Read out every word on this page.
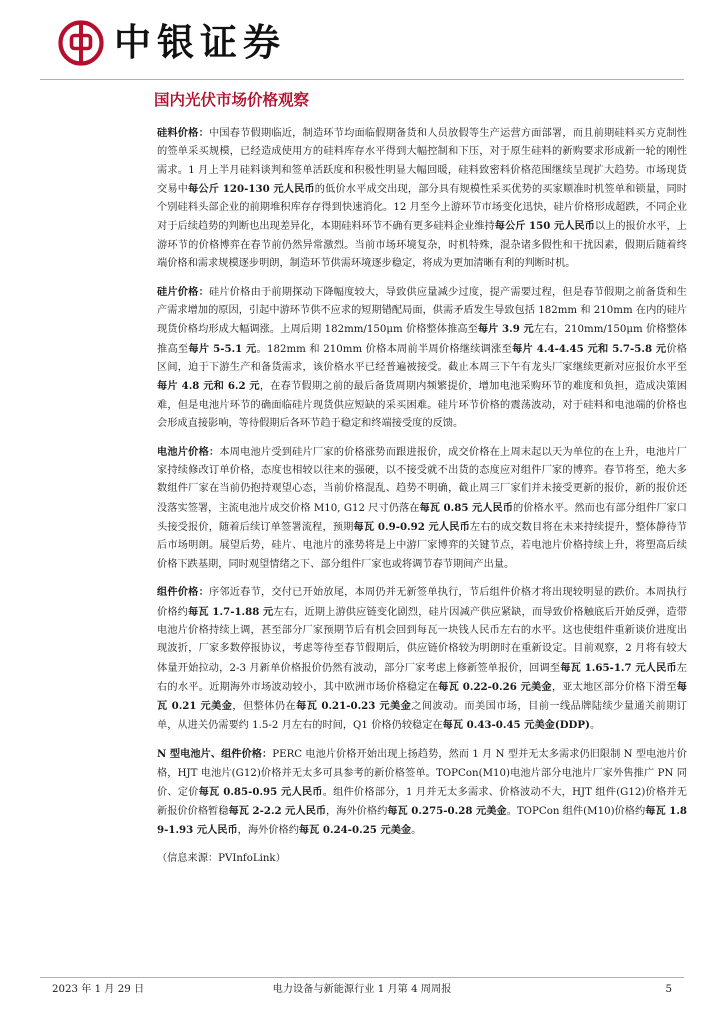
中银证券
国内光伏市场价格观察

硅料价格：中国春节假期临近，制造环节均面临假期备货和人员放假等生产运营方面部署，而且前期硅料买方克制性的签单采买规模，已经造成使用方的硅料库存水平得到大幅控制和下压，对于原生硅料的新购要求形成新一轮的刚性需求。1 月上半月硅料谈判和签单活跃度和积极性明显大幅回暖，硅料致密料价格范围继续呈现扩大趋势。市场现货交易中每公斤 120-130 元人民币的低价水平成交出现，部分具有规模性采买优势的买家顺准时机签单和锁量，同时个别硅料头部企业的前期堆积库存存得到快速消化。12 月至今上游环节市场变化迅快，硅片价格形成超跌，不同企业对于后续趋势的判断也出现差异化，本期硅料环节不确有更多硅料企业维持每公斤 150 元人民币以上的报价水平，上游环节的价格博弈在春节前仍然异常激烈。当前市场环境复杂，时机特殊，混杂诸多假性和干扰因素，假期后随着终端价格和需求规模逐步明朗，制造环节供需环境逐步稳定，将成为更加清晰有利的判断时机。

硅片价格：硅片价格由于前期探动下降幅度较大，导致供应量减少过度，提产需要过程，但是春节假期之前备货和生产需求增加的原因，引起中游环节供不应求的短期错配局面，供需矛盾发生导致包括 182mm 和 210mm 在内的硅片现货价格均形成大幅调涨。上周后期 182mm/150μm 价格整体推高至每片 3.9 元左右，210mm/150μm 价格整体推高至每片 5-5.1 元。182mm 和 210mm 价格本周前半周价格继续调涨至每片 4.4-4.45 元和 5.7-5.8 元价格区间，迫于下游生产和备货需求，该价格水平已经普遍被接受。截止本周三下午有龙头厂家继续更新对应报价水平至每片 4.8 元和 6.2 元，在春节假期之前的最后备货周期内频繁提价，增加电池采购环节的难度和负担，造成决策困难，但是电池片环节的确面临硅片现货供应短缺的采买困难。硅片环节价格的震荡波动，对于硅料和电池端的价格也会形成直接影响，等待假期后各环节趋于稳定和终端接受度的反馈。

电池片价格：本周电池片受到硅片厂家的价格涨势而跟进报价，成交价格在上周末起以天为单位的在上升，电池片厂家持续修改订单价格，态度也相较以往来的强硬，以不接受就不出货的态度应对组件厂家的博弈。春节将至，绝大多数组件厂家在当前仍抱持观望心态，当前价格混乱、趋势不明确，截止周三厂家们并未接受更新的报价，新的报价还没落实签署，主流电池片成交价格 M10, G12 尺寸仍落在每瓦 0.85 元人民币的价格水平。然而也有部分组件厂家口头接受报价，随着后续订单签署流程，预期每瓦 0.9-0.92 元人民币左右的成交数目将在未来持续提升，整体静待节后市场明朗。展望后势，硅片、电池片的涨势将是上中游厂家博弈的关键节点，若电池片价格持续上升，将塑高后续价格下跌基期，同时观望情绪之下、部分组件厂家也或将调节春节期间产出量。

组件价格：序邻近春节，交付已开始放尾，本周仍并无新签单执行，节后组件价格才将出现较明显的跌价。本周执行价格约每瓦 1.7-1.88 元左右，近期上游供应链变化剧烈，硅片因减产供应紧缺，而导致价格触底后开始反弹，造带电池片价格持续上调，甚至部分厂家预期节后有机会回到每瓦一块钱人民币左右的水平。这也使组件重新谈价进度出现波折，厂家多数停报协议，考虑等待至春节假期后，供应链价格较为明朗时在重新设定。目前观察，2 月将有较大体量开始拉动，2-3 月新单价格报价仍然有波动，部分厂家考虑上修新签单报价，回调至每瓦 1.65-1.7 元人民币左右的水平。近期海外市场波动较小，其中欧洲市场价格稳定在每瓦 0.22-0.26 元美金，亚太地区部分价格下滑至每瓦 0.21 元美金，但整体仍在每瓦 0.21-0.23 元美金之间波动。而美国市场，目前一线品牌陆续少量通关前期订单，从进关仍需要约 1.5-2 月左右的时间，Q1 价格仍较稳定在每瓦 0.43-0.45 元美金(DDP)。

N 型电池片、组件价格：PERC 电池片价格开始出现上扬趋势，然而 1 月 N 型并无太多需求仍旧限制 N 型电池片价格，HJT 电池片(G12)价格并无太多可具参考的新价格签单。TOPCon(M10)电池片部分电池片厂家外售推广 PN 同价、定价每瓦 0.85-0.95 元人民币。组件价格部分，1 月并无太多需求、价格波动不大，HJT 组件(G12)价格并无新报价价格暂稳每瓦 2-2.2 元人民币，海外价格约每瓦 0.275-0.28 元美金。TOPCon 组件(M10)价格约每瓦 1.89-1.93 元人民币，海外价格约每瓦 0.24-0.25 元美金。

（信息来源：PVInfoLink）
电力设备与新能源行业 1 月第 4 周周报
2023 年 1 月 29 日	5
